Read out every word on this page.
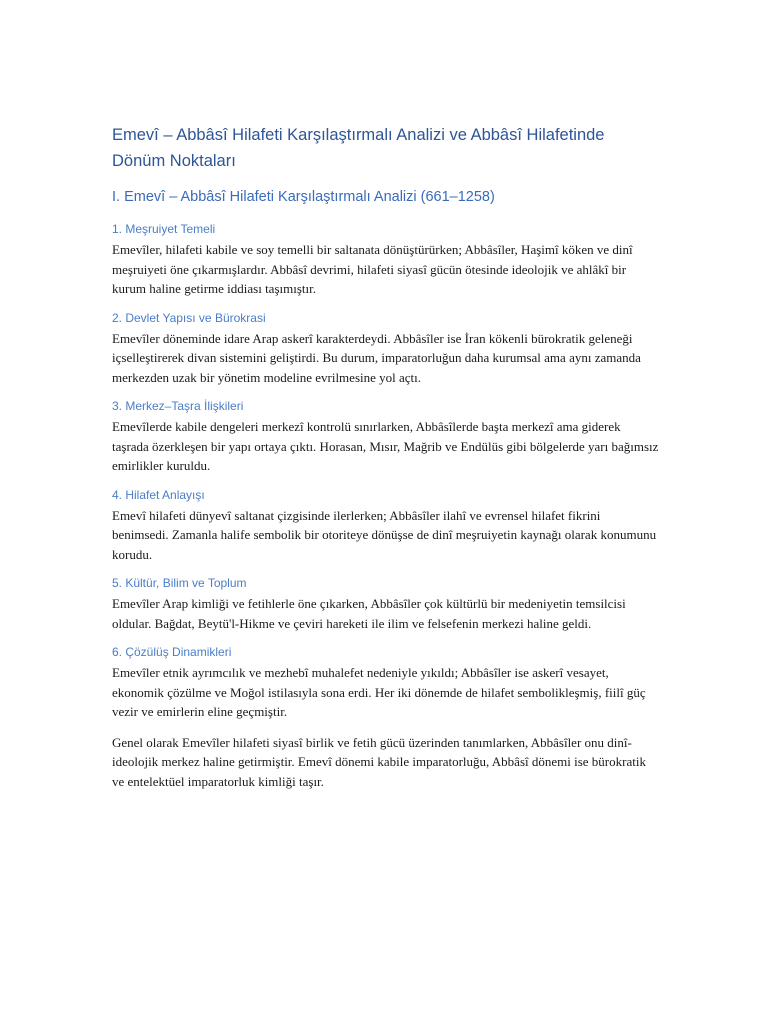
Emevî – Abbâsî Hilafeti Karşılaştırmalı Analizi ve Abbâsî Hilafetinde Dönüm Noktaları
I. Emevî – Abbâsî Hilafeti Karşılaştırmalı Analizi (661–1258)
1. Meşruiyet Temeli

Emevîler, hilafeti kabile ve soy temelli bir saltanata dönüştürürken; Abbâsîler, Haşimî köken ve dinî meşruiyeti öne çıkarmışlardır. Abbâsî devrimi, hilafeti siyasî gücün ötesinde ideolojik ve ahlâkî bir kurum haline getirme iddiası taşımıştır.

2. Devlet Yapısı ve Bürokrasi

Emevîler döneminde idare Arap askerî karakterdeydi. Abbâsîler ise İran kökenli bürokratik geleneği içselleştirerek divan sistemini geliştirdi. Bu durum, imparatorluğun daha kurumsal ama aynı zamanda merkezden uzak bir yönetim modeline evrilmesine yol açtı.

3. Merkez–Taşra İlişkileri

Emevîlerde kabile dengeleri merkezî kontrolü sınırlarken, Abbâsîlerde başta merkezî ama giderek taşrada özerkleşen bir yapı ortaya çıktı. Horasan, Mısır, Mağrib ve Endülüs gibi bölgelerde yarı bağımsız emirlikler kuruldu.

4. Hilafet Anlayışı

Emevî hilafeti dünyevî saltanat çizgisinde ilerlerken; Abbâsîler ilahî ve evrensel hilafet fikrini benimsedi. Zamanla halife sembolik bir otoriteye dönüşse de dinî meşruiyetin kaynağı olarak konumunu korudu.

5. Kültür, Bilim ve Toplum

Emevîler Arap kimliği ve fetihlerle öne çıkarken, Abbâsîler çok kültürlü bir medeniyetin temsilcisi oldular. Bağdat, Beytü'l-Hikme ve çeviri hareketi ile ilim ve felsefenin merkezi haline geldi.

6. Çözülüş Dinamikleri

Emevîler etnik ayrımcılık ve mezhebî muhalefet nedeniyle yıkıldı; Abbâsîler ise askerî vesayet, ekonomik çözülme ve Moğol istilasıyla sona erdi. Her iki dönemde de hilafet sembolikleşmiş, fiilî güç vezir ve emirlerin eline geçmiştir.

Genel olarak Emevîler hilafeti siyasî birlik ve fetih gücü üzerinden tanımlarken, Abbâsîler onu dinî-ideolojik merkez haline getirmiştir. Emevî dönemi kabile imparatorluğu, Abbâsî dönemi ise bürokratik ve entelektüel imparatorluk kimliği taşır.
